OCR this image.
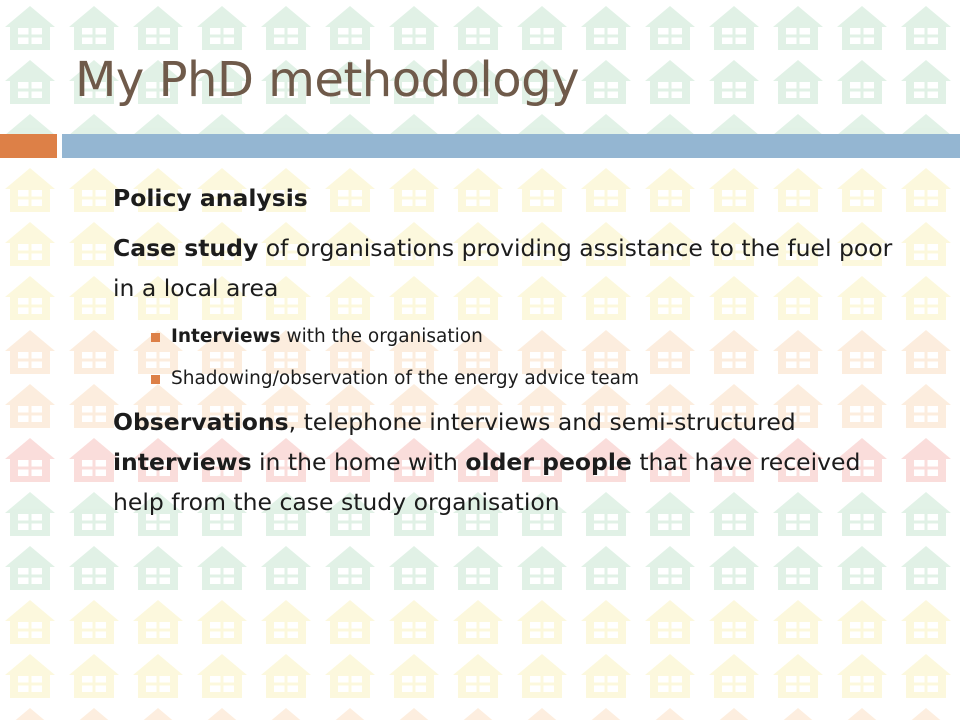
My PhD methodology
Policy analysis
Case study of organisations providing assistance to the fuel poor in a local area
Interviews with the organisation
Shadowing/observation of the energy advice team
Observations, telephone interviews and semi-structured interviews in the home with older people that have received help from the case study organisation
